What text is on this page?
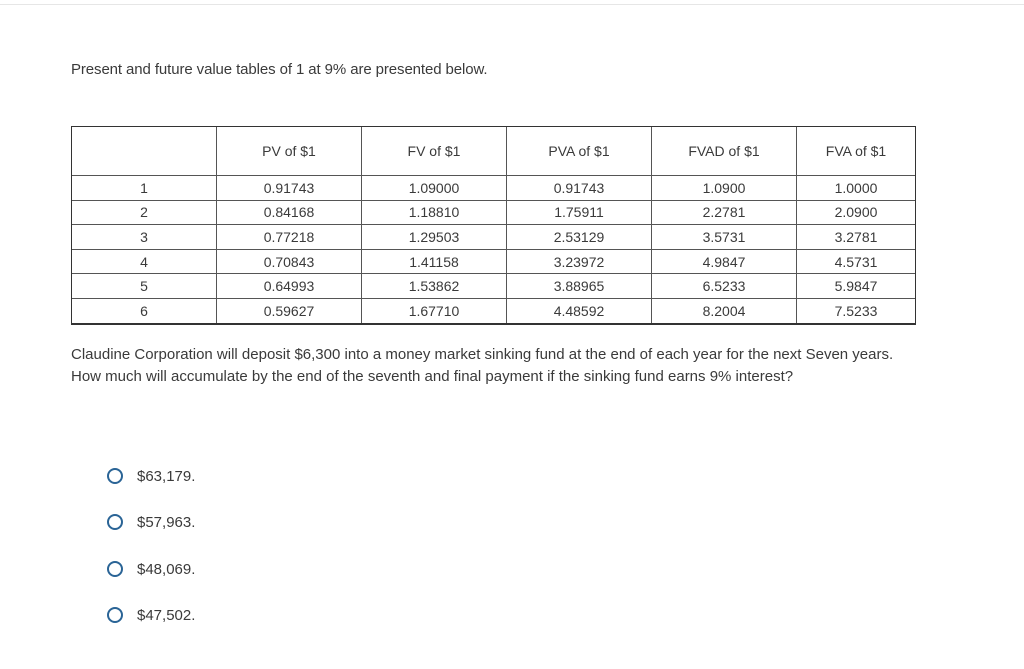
Present and future value tables of 1 at 9% are presented below.

	PV of $1	FV of $1	PVA of $1	FVAD of $1	FVA of $1
1	0.91743	1.09000	0.91743	1.0900	1.0000
2	0.84168	1.18810	1.75911	2.2781	2.0900
3	0.77218	1.29503	2.53129	3.5731	3.2781
4	0.70843	1.41158	3.23972	4.9847	4.5731
5	0.64993	1.53862	3.88965	6.5233	5.9847
6	0.59627	1.67710	4.48592	8.2004	7.5233

Claudine Corporation will deposit $6,300 into a money market sinking fund at the end of each year for the next Seven years. How much will accumulate by the end of the seventh and final payment if the sinking fund earns 9% interest?

$63,179.
$57,963.
$48,069.
$47,502.
